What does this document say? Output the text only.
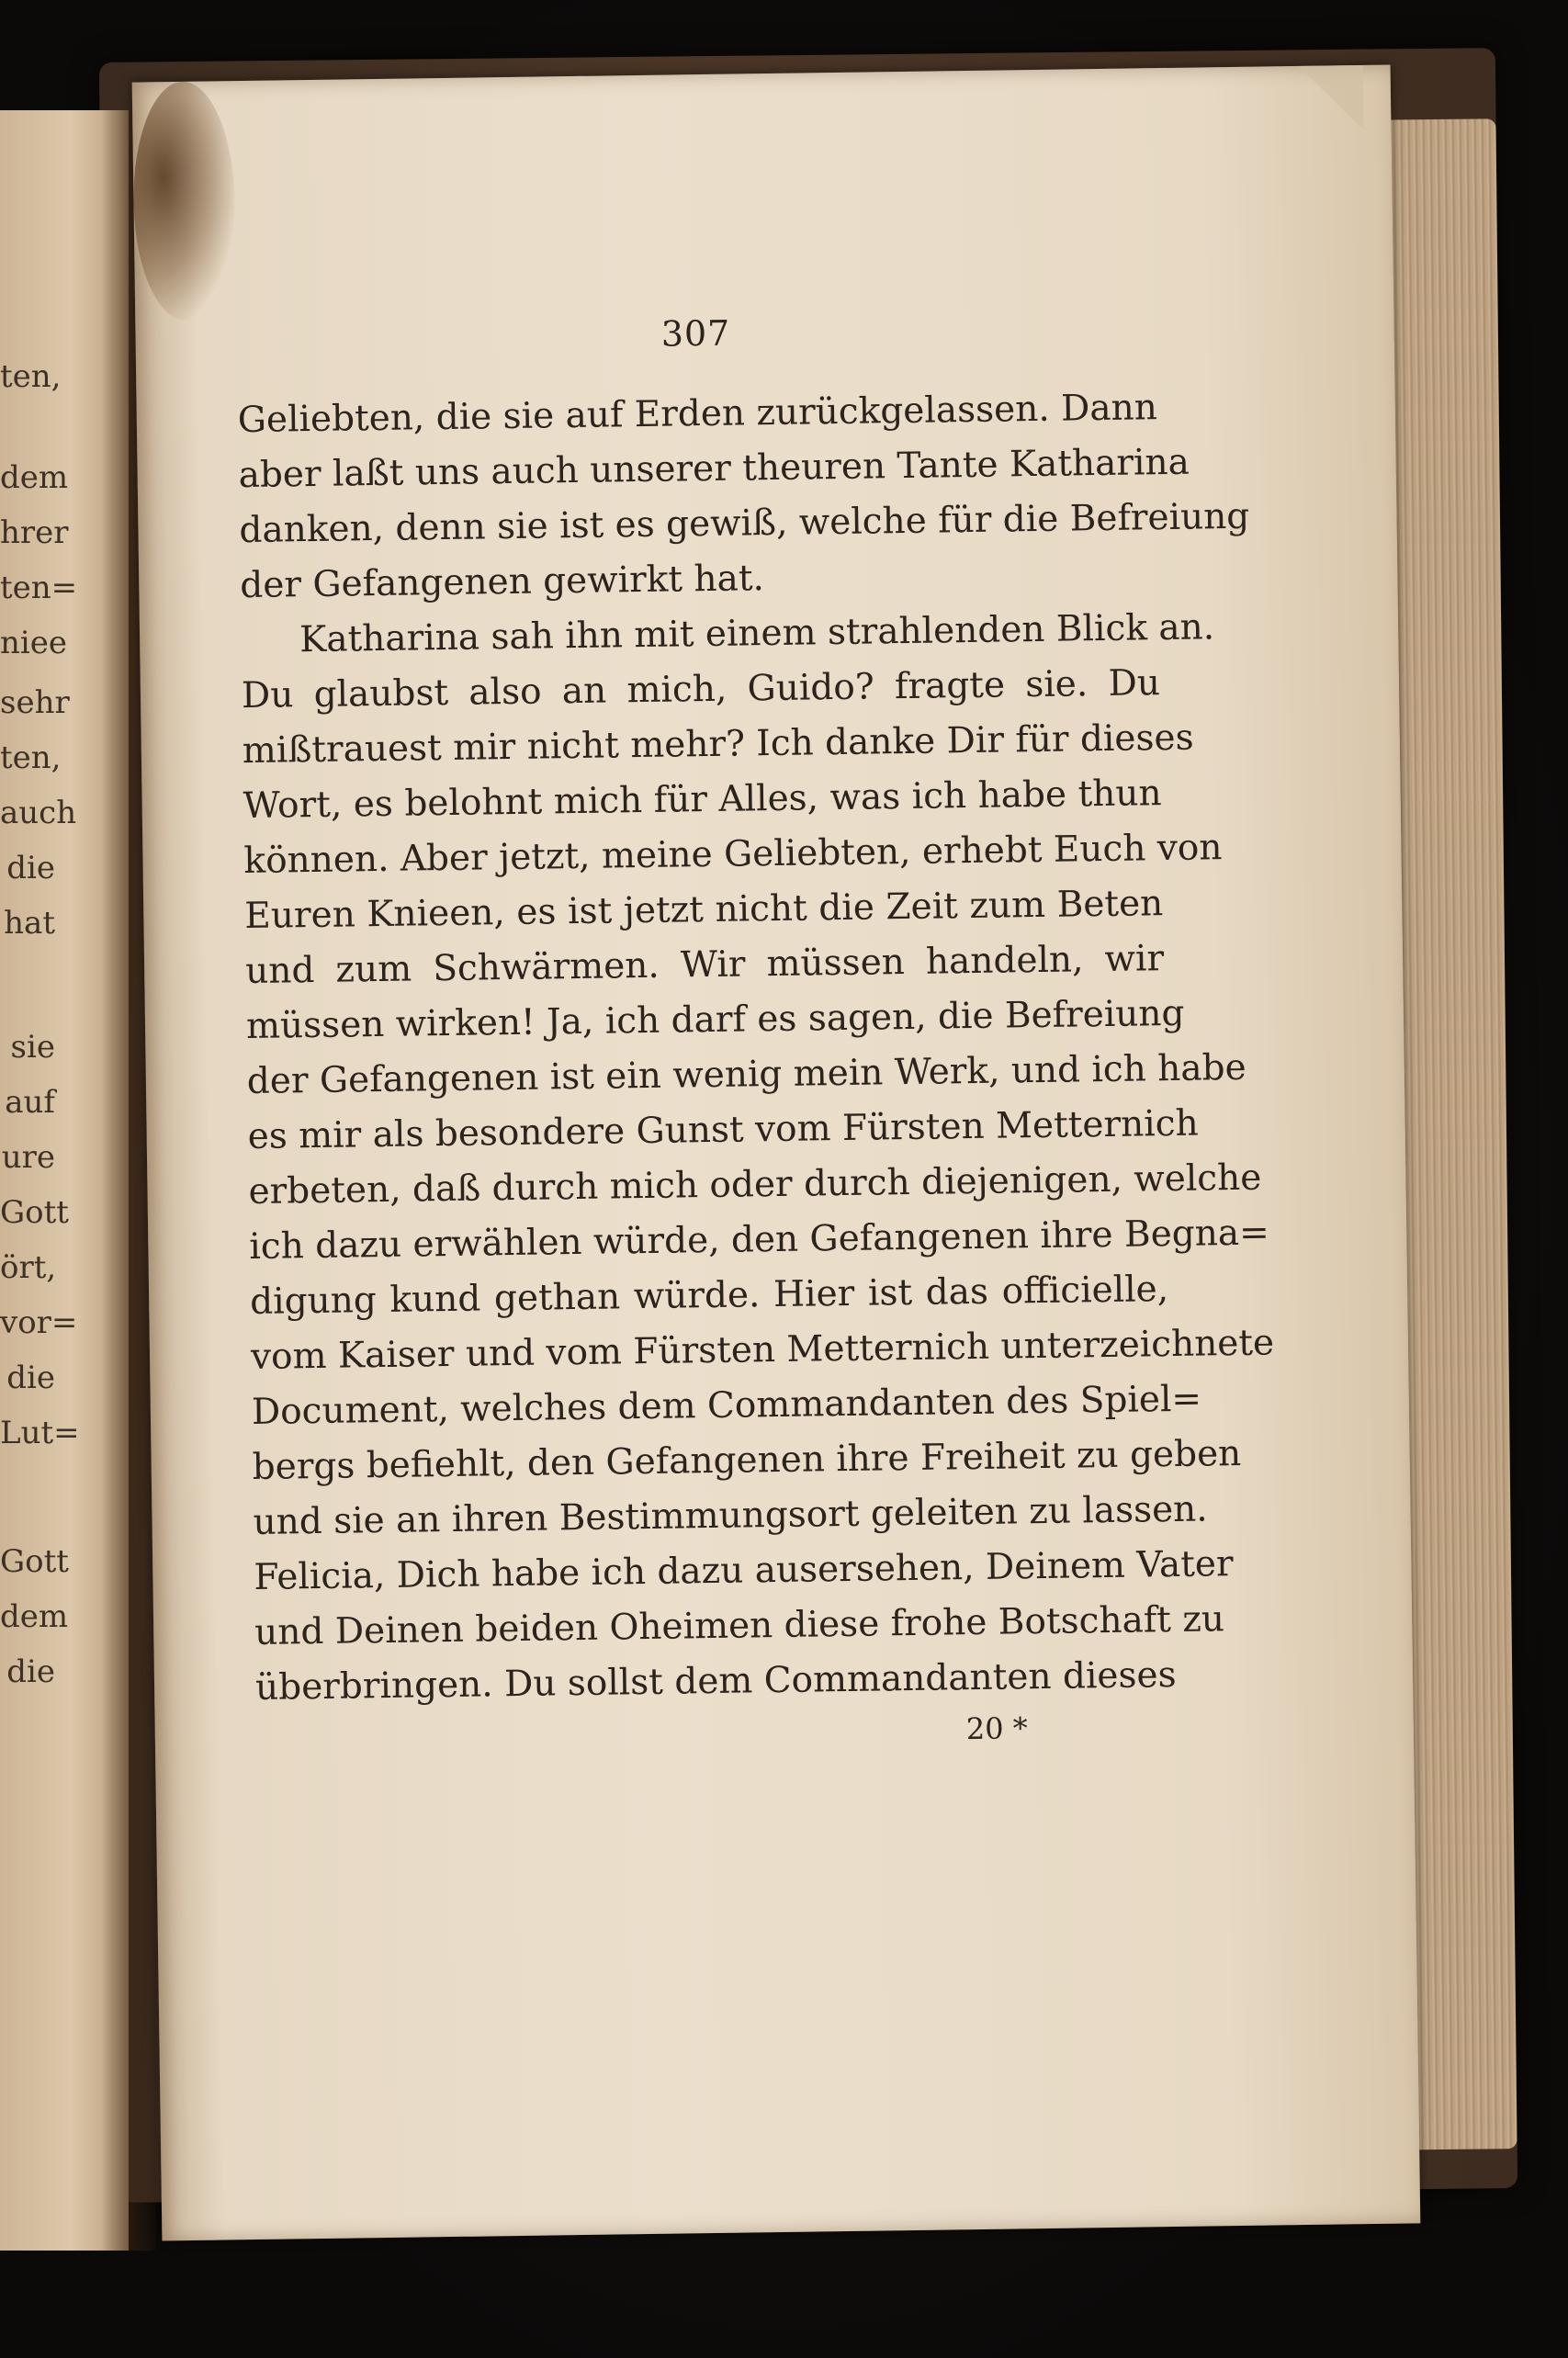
ten,
dem
hrer
ten=
niee
sehr
ten,
auch
die
hat
sie
auf
ure
Gott
ört,
vor=
die
Lut=
Gott
dem
die
307
Geliebten, die sie auf Erden zurückgelassen. Dann
aber laßt uns auch unserer theuren Tante Katharina
danken, denn sie ist es gewiß, welche für die Befreiung
der Gefangenen gewirkt hat.
Katharina sah ihn mit einem strahlenden Blick an.
Du glaubst also an mich, Guido? fragte sie. Du
mißtrauest mir nicht mehr? Ich danke Dir für dieses
Wort, es belohnt mich für Alles, was ich habe thun
können. Aber jetzt, meine Geliebten, erhebt Euch von
Euren Knieen, es ist jetzt nicht die Zeit zum Beten
und zum Schwärmen. Wir müssen handeln, wir
müssen wirken! Ja, ich darf es sagen, die Befreiung
der Gefangenen ist ein wenig mein Werk, und ich habe
es mir als besondere Gunst vom Fürsten Metternich
erbeten, daß durch mich oder durch diejenigen, welche
ich dazu erwählen würde, den Gefangenen ihre Begna=
digung kund gethan würde. Hier ist das officielle,
vom Kaiser und vom Fürsten Metternich unterzeichnete
Document, welches dem Commandanten des Spiel=
bergs befiehlt, den Gefangenen ihre Freiheit zu geben
und sie an ihren Bestimmungsort geleiten zu lassen.
Felicia, Dich habe ich dazu ausersehen, Deinem Vater
und Deinen beiden Oheimen diese frohe Botschaft zu
überbringen. Du sollst dem Commandanten dieses
20 *
